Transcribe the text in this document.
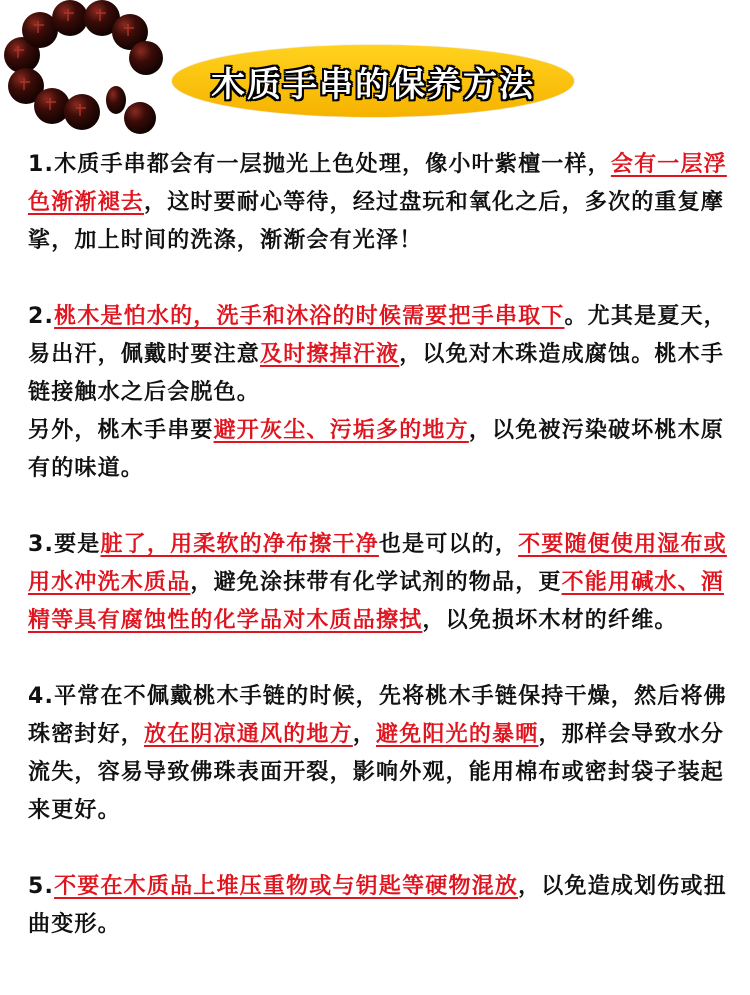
木质手串的保养方法

1.木质手串都会有一层抛光上色处理，像小叶紫檀一样，会有一层浮色渐渐褪去，这时要耐心等待，经过盘玩和氧化之后，多次的重复摩挲，加上时间的洗涤，渐渐会有光泽！

2.桃木是怕水的，洗手和沐浴的时候需要把手串取下。尤其是夏天，易出汗，佩戴时要注意及时擦掉汗液，以免对木珠造成腐蚀。桃木手链接触水之后会脱色。

另外，桃木手串要避开灰尘、污垢多的地方，以免被污染破坏桃木原有的味道。

3.要是脏了，用柔软的净布擦干净也是可以的，不要随便使用湿布或用水冲洗木质品，避免涂抹带有化学试剂的物品，更不能用碱水、酒精等具有腐蚀性的化学品对木质品擦拭，以免损坏木材的纤维。

4.平常在不佩戴桃木手链的时候，先将桃木手链保持干燥，然后将佛珠密封好，放在阴凉通风的地方，避免阳光的暴晒，那样会导致水分流失，容易导致佛珠表面开裂，影响外观，能用棉布或密封袋子装起来更好。

5.不要在木质品上堆压重物或与钥匙等硬物混放，以免造成划伤或扭曲变形。
